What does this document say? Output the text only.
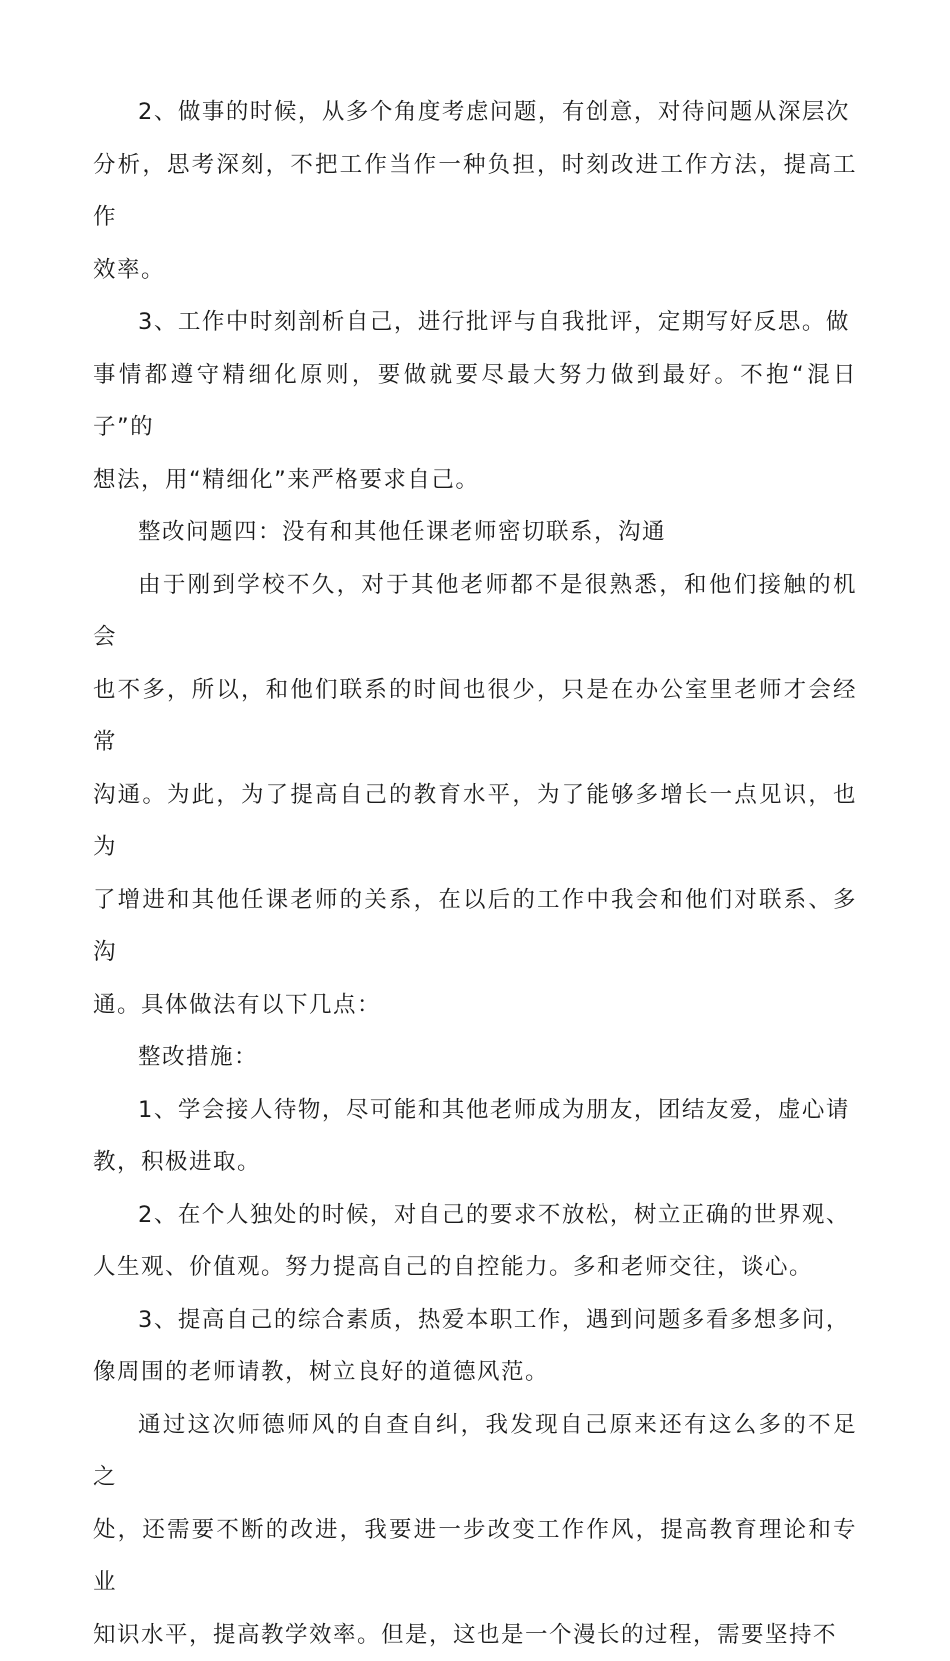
2、做事的时候，从多个角度考虑问题，有创意，对待问题从深层次
分析，思考深刻，不把工作当作一种负担，时刻改进工作方法，提高工作
效率。

3、工作中时刻剖析自己，进行批评与自我批评，定期写好反思。做
事情都遵守精细化原则，要做就要尽最大努力做到最好。不抱“混日子”的
想法，用“精细化”来严格要求自己。

整改问题四：没有和其他任课老师密切联系，沟通

由于刚到学校不久，对于其他老师都不是很熟悉，和他们接触的机会
也不多，所以，和他们联系的时间也很少，只是在办公室里老师才会经常
沟通。为此，为了提高自己的教育水平，为了能够多增长一点见识，也为
了增进和其他任课老师的关系，在以后的工作中我会和他们对联系、多沟
通。具体做法有以下几点：

整改措施：

1、学会接人待物，尽可能和其他老师成为朋友，团结友爱，虚心请
教，积极进取。

2、在个人独处的时候，对自己的要求不放松，树立正确的世界观、
人生观、价值观。努力提高自己的自控能力。多和老师交往，谈心。

3、提高自己的综合素质，热爱本职工作，遇到问题多看多想多问，
像周围的老师请教，树立良好的道德风范。

通过这次师德师风的自查自纠，我发现自己原来还有这么多的不足之
处，还需要不断的改进，我要进一步改变工作作风，提高教育理论和专业
知识水平，提高教学效率。但是，这也是一个漫长的过程，需要坚持不
